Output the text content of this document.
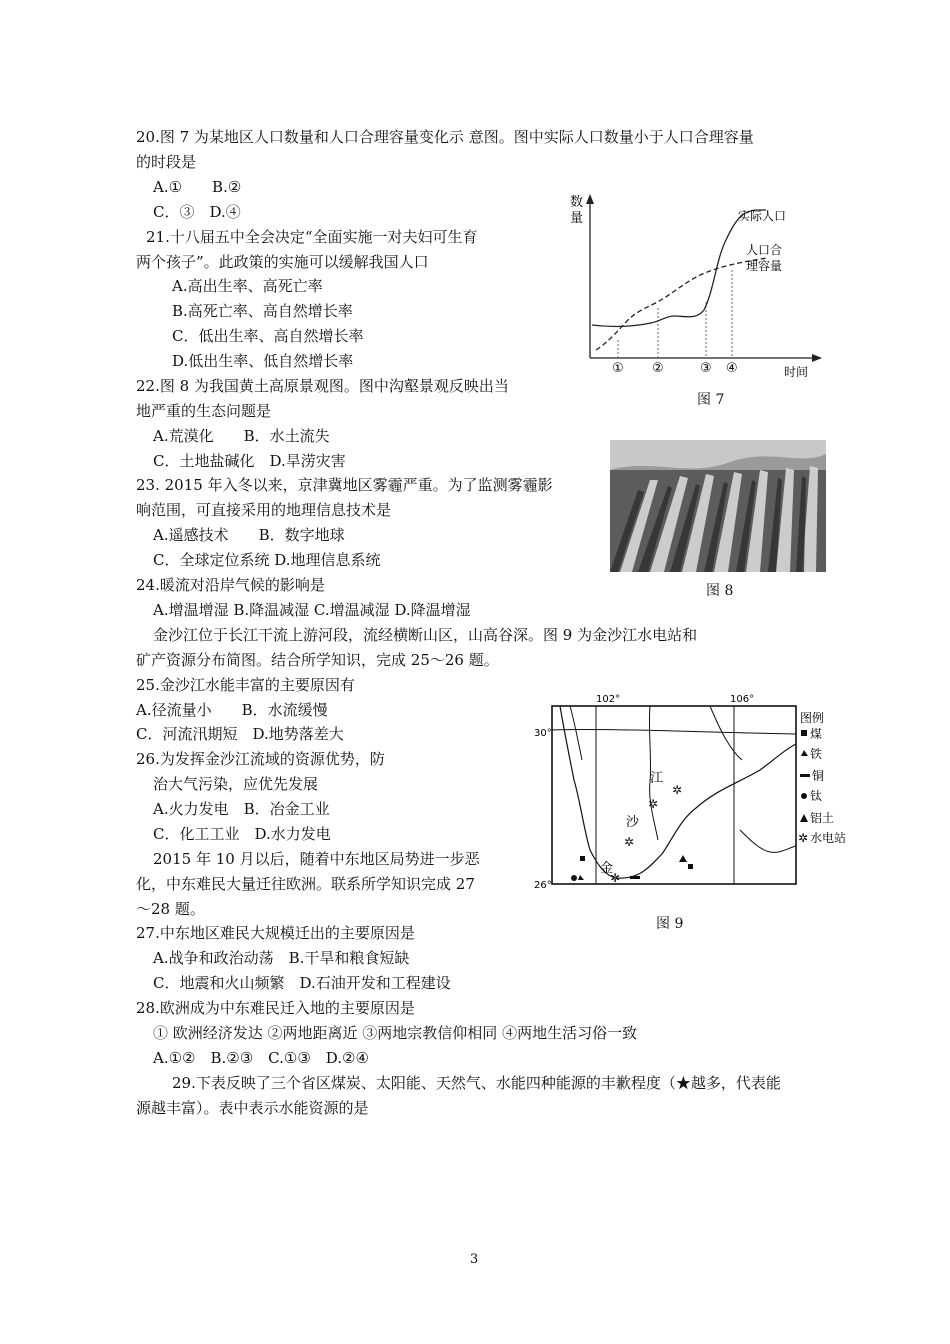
20.图 7 为某地区人口数量和人口合理容量变化示 意图。图中实际人口数量小于人口合理容量
的时段是
A.①　　B.②
C．③　D.④
21.十八届五中全会决定“全面实施一对夫妇可生育
两个孩子”。此政策的实施可以缓解我国人口
A.高出生率、高死亡率
B.高死亡率、高自然增长率
C．低出生率、高自然增长率
D.低出生率、低自然增长率
22.图 8 为我国黄土高原景观图。图中沟壑景观反映出当
地严重的生态问题是
A.荒漠化　　B．水土流失
C．土地盐碱化　D.旱涝灾害
23. 2015 年入冬以来，京津冀地区雾霾严重。为了监测雾霾影
响范围，可直接采用的地理信息技术是
A.遥感技术　　B．数字地球
C．全球定位系统 D.地理信息系统
24.暖流对沿岸气候的影响是
A.增温增湿 B.降温减湿 C.增温减湿 D.降温增湿
金沙江位于长江干流上游河段，流经横断山区，山高谷深。图 9 为金沙江水电站和
矿产资源分布简图。结合所学知识，完成 25～26 题。
25.金沙江水能丰富的主要原因有
A.径流量小　　B．水流缓慢
C．河流汛期短　D.地势落差大
26.为发挥金沙江流域的资源优势，防
治大气污染，应优先发展
A.火力发电　B．冶金工业
C．化工工业　D.水力发电
2015 年 10 月以后，随着中东地区局势进一步恶
化，中东难民大量迁往欧洲。联系所学知识完成 27
～28 题。
27.中东地区难民大规模迁出的主要原因是
A.战争和政治动荡　B.干旱和粮食短缺
C．地震和火山频繁　D.石油开发和工程建设
28.欧洲成为中东难民迁入地的主要原因是
① 欧洲经济发达 ②两地距离近 ③两地宗教信仰相同 ④两地生活习俗一致
A.①②　B.②③　C.①③　D.②④
29.下表反映了三个省区煤炭、太阳能、天然气、水能四种能源的丰歉程度（★越多，代表能
源越丰富）。表中表示水能资源的是
数
量
时间
实际人口
人口合
理容量
① ②	③ ④
图 7
图 8
102°	106°
30°
26°
江
沙
金
✲
✲
✲
✲
图例
煤
铁
铜
钛
铝土
✲ 水电站
图 9
3
